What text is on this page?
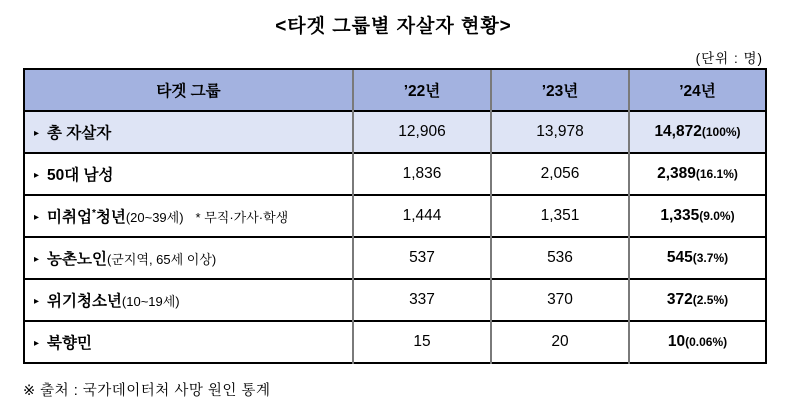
<타겟 그룹별 자살자 현황>
(단위 : 명)
타겟 그룹	’22년	’23년	’24년
▸ 총 자살자	12,906	13,978	14,872(100%)
▸ 50대 남성	1,836	2,056	2,389(16.1%)
▸ 미취업*청년(20~39세) * 무직·가사·학생	1,444	1,351	1,335(9.0%)
▸ 농촌노인(군지역, 65세 이상)	537	536	545(3.7%)
▸ 위기청소년(10~19세)	337	370	372(2.5%)
▸ 북향민	15	20	10(0.06%)
※ 출처 : 국가데이터처 사망 원인 통계
